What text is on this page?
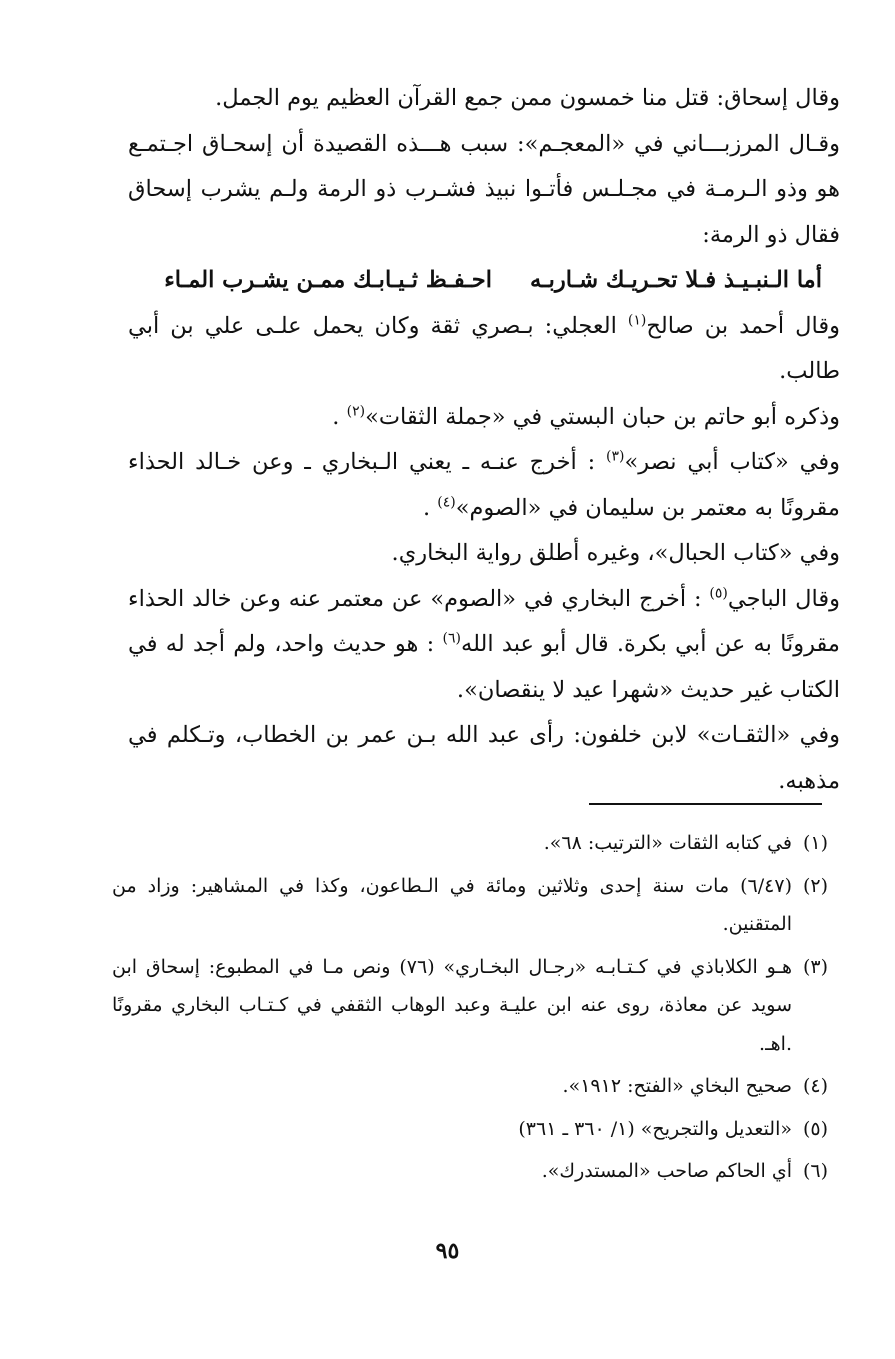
وقال إسحاق: قتل منا خمسون ممن جمع القرآن العظيم يوم الجمل.

وقـال المرزبـــاني في «المعجـم»: سبب هـــذه القصيدة أن إسحـاق اجـتمـع هو وذو الـرمـة في مجـلـس فأتـوا نبيذ فشـرب ذو الرمة ولـم يشرب إسحاق فقال ذو الرمة:

أما الـنبـيـذ فـلا تحـريـك شـاربـه
احـفـظ ثـيـابـك ممـن يشـرب المـاء

وقال أحمد بن صالح$^{(١)}$ العجلي: بـصري ثقة وكان يحمل علـى علي بن أبي طالب.

وذكره أبو حاتم بن حبان البستي في «جملة الثقات»$^{(٢)}$ .

وفي «كتاب أبي نصر»$^{(٣)}$ : أخرج عنـه ـ يعني الـبخاري ـ وعن خـالد الحذاء مقرونًا به معتمر بن سليمان في «الصوم»$^{(٤)}$ .

وفي «كتاب الحبال»، وغيره أطلق رواية البخاري.

وقال الباجي$^{(٥)}$ : أخرج البخاري في «الصوم» عن معتمر عنه وعن خالد الحذاء مقرونًا به عن أبي بكرة. قال أبو عبد الله$^{(٦)}$ : هو حديث واحد، ولم أجد له في الكتاب غير حديث «شهرا عيد لا ينقصان».

وفي «الثقـات» لابن خلفون: رأى عبد الله بـن عمر بن الخطاب، وتـكلم في مذهبه.

(١)
في كتابه الثقات «الترتيب: ٦٨».
(٢)
(٦/٤٧) مات سنة إحدى وثلاثين ومائة في الـطاعون، وكذا في المشاهير: وزاد من المتقنين.
(٣)
هـو الكلاباذي في كـتـابـه «رجـال البخـاري» (٧٦) ونص مـا في المطبوع: إسحاق ابن سويد عن معاذة، روى عنه ابن عليـة وعبد الوهاب الثقفي في كـتـاب البخاري مقرونًا .اهـ.
(٤)
صحيح البخاي «الفتح: ١٩١٢».
(٥)
«التعديل والتجريح» (١/ ٣٦٠ ـ ٣٦١)
(٦)
أي الحاكم صاحب «المستدرك».
٩٥
